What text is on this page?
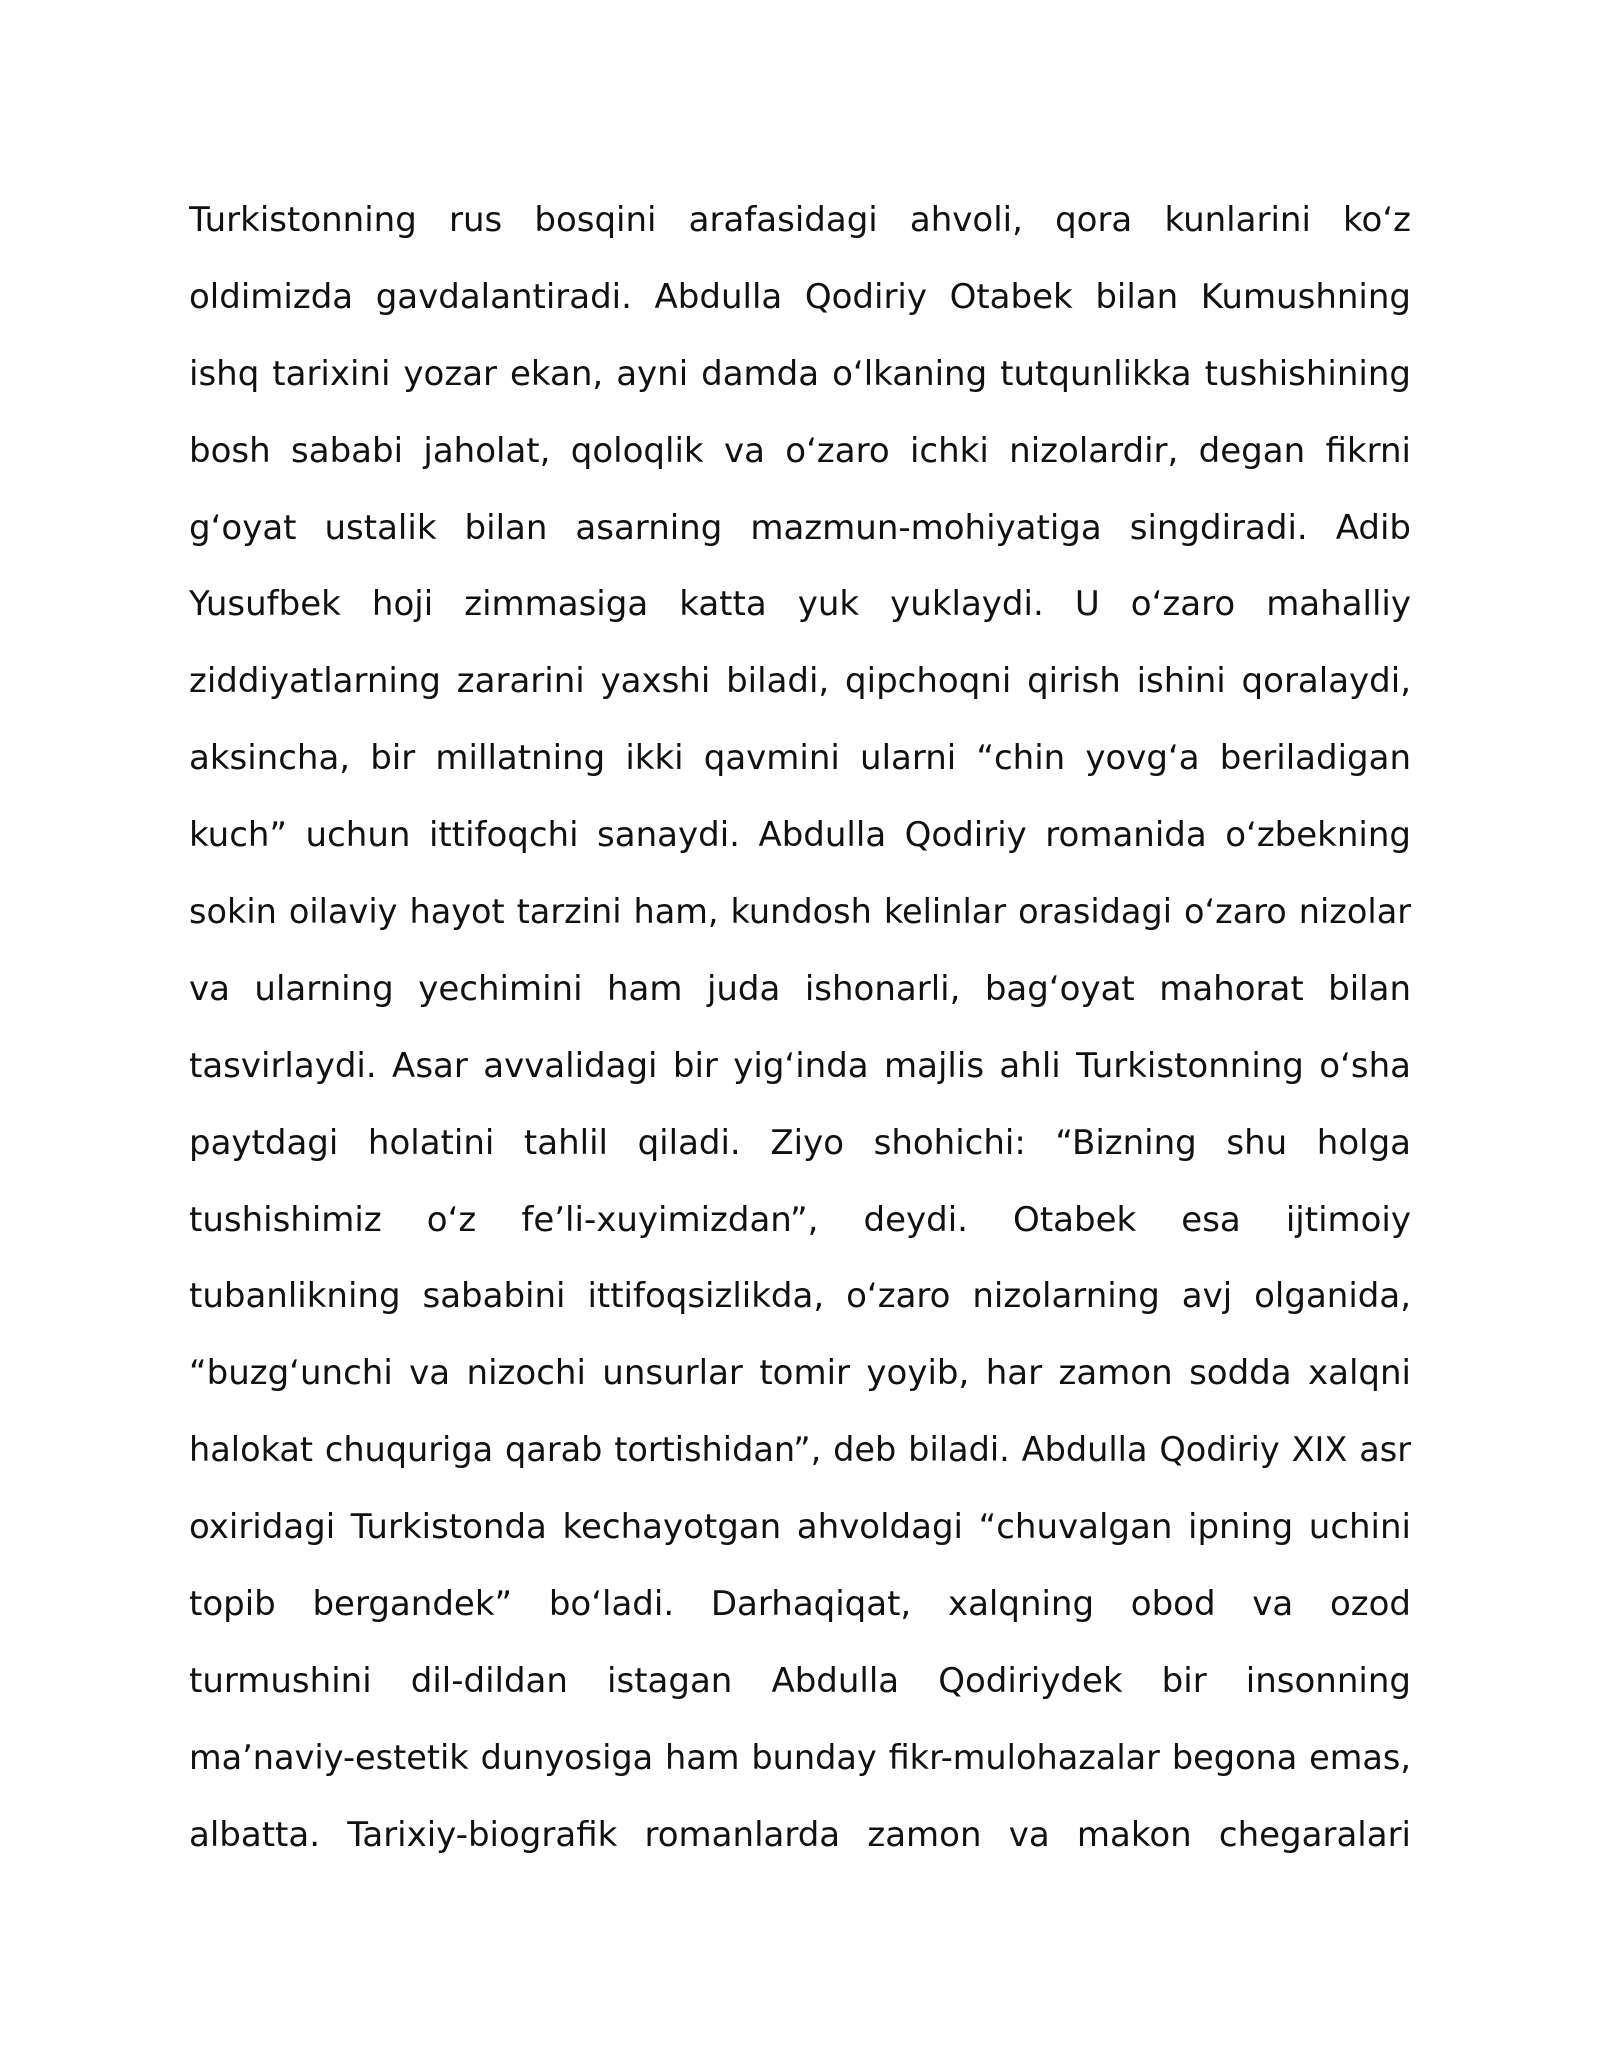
Turkistonning rus bosqini arafasidagi ahvoli, qora kunlarini ko‘z
oldimizda gavdalantiradi. Abdulla Qodiriy Otabek bilan Kumushning
ishq tarixini yozar ekan, ayni damda o‘lkaning tutqunlikka tushishining
bosh sababi jaholat, qoloqlik va o‘zaro ichki nizolardir, degan fikrni
g‘oyat ustalik bilan asarning mazmun-mohiyatiga singdiradi. Adib
Yusufbek hoji zimmasiga katta yuk yuklaydi. U o‘zaro mahalliy
ziddiyatlarning zararini yaxshi biladi, qipchoqni qirish ishini qoralaydi,
aksincha, bir millatning ikki qavmini ularni “chin yovg‘a beriladigan
kuch” uchun ittifoqchi sanaydi. Abdulla Qodiriy romanida o‘zbekning
sokin oilaviy hayot tarzini ham, kundosh kelinlar orasidagi o‘zaro nizolar
va ularning yechimini ham juda ishonarli, bag‘oyat mahorat bilan
tasvirlaydi. Asar avvalidagi bir yig‘inda majlis ahli Turkistonning o‘sha
paytdagi holatini tahlil qiladi. Ziyo shohichi: “Bizning shu holga
tushishimiz o‘z fe’li-xuyimizdan”, deydi. Otabek esa ijtimoiy
tubanlikning sababini ittifoqsizlikda, o‘zaro nizolarning avj olganida,
“buzg‘unchi va nizochi unsurlar tomir yoyib, har zamon sodda xalqni
halokat chuquriga qarab tortishidan”, deb biladi. Abdulla Qodiriy XIX asr
oxiridagi Turkistonda kechayotgan ahvoldagi “chuvalgan ipning uchini
topib bergandek” bo‘ladi. Darhaqiqat, xalqning obod va ozod
turmushini dil-dildan istagan Abdulla Qodiriydek bir insonning
ma’naviy-estetik dunyosiga ham bunday fikr-mulohazalar begona emas,
albatta. Tarixiy-biografik romanlarda zamon va makon chegaralari
